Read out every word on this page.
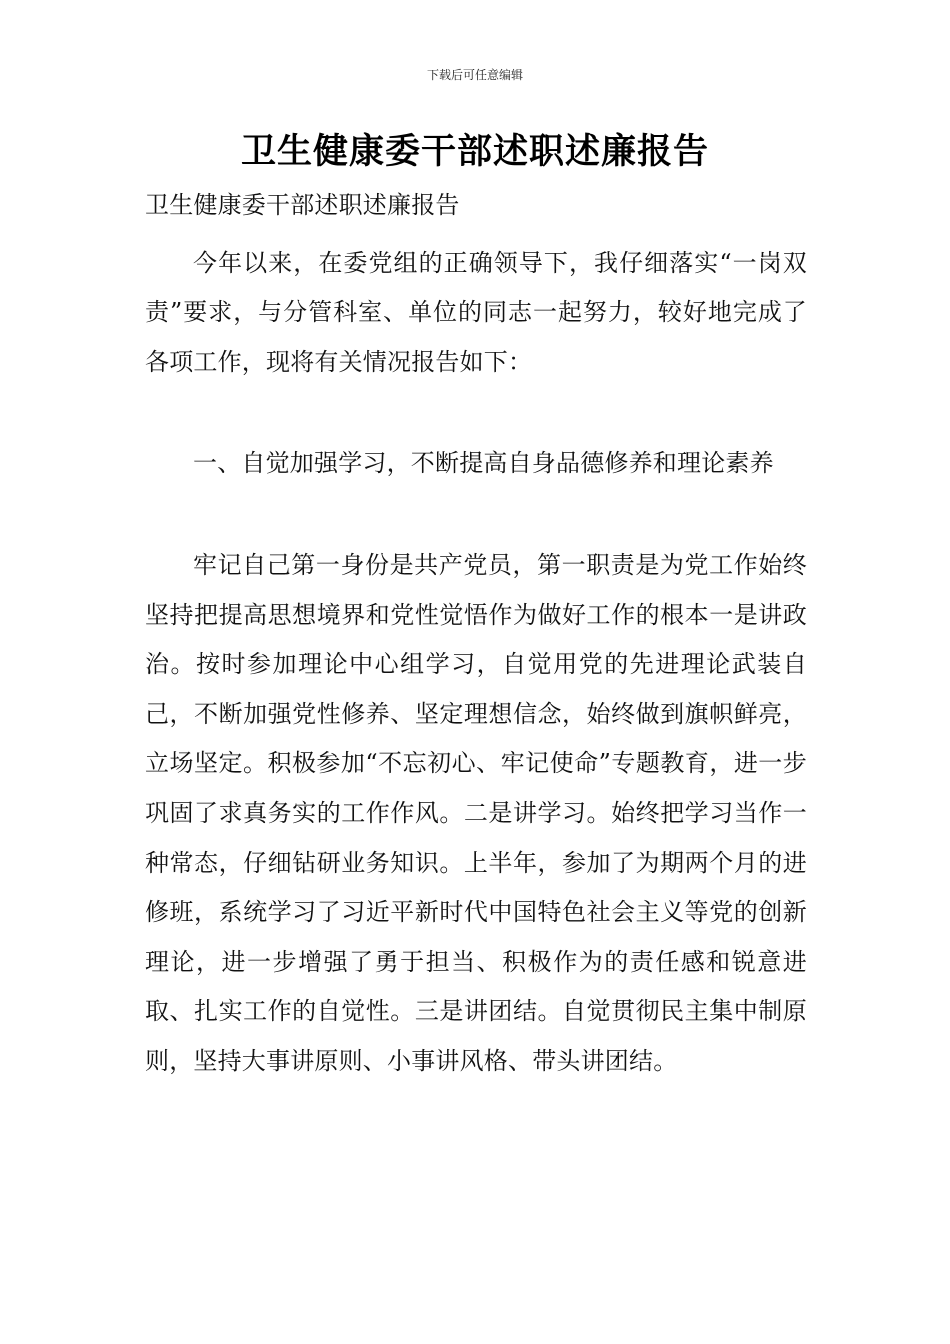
下载后可任意编辑
卫生健康委干部述职述廉报告

卫生健康委干部述职述廉报告

今年以来，在委党组的正确领导下，我仔细落实“一岗双责”要求，与分管科室、单位的同志一起努力，较好地完成了各项工作，现将有关情况报告如下：

一、自觉加强学习，不断提高自身品德修养和理论素养

牢记自己第一身份是共产党员，第一职责是为党工作始终坚持把提高思想境界和党性觉悟作为做好工作的根本一是讲政治。按时参加理论中心组学习，自觉用党的先进理论武装自己，不断加强党性修养、坚定理想信念，始终做到旗帜鲜亮，立场坚定。积极参加“不忘初心、牢记使命”专题教育，进一步巩固了求真务实的工作作风。二是讲学习。始终把学习当作一种常态，仔细钻研业务知识。上半年，参加了为期两个月的进修班，系统学习了习近平新时代中国特色社会主义等党的创新理论，进一步增强了勇于担当、积极作为的责任感和锐意进取、扎实工作的自觉性。三是讲团结。自觉贯彻民主集中制原则，坚持大事讲原则、小事讲风格、带头讲团结。
